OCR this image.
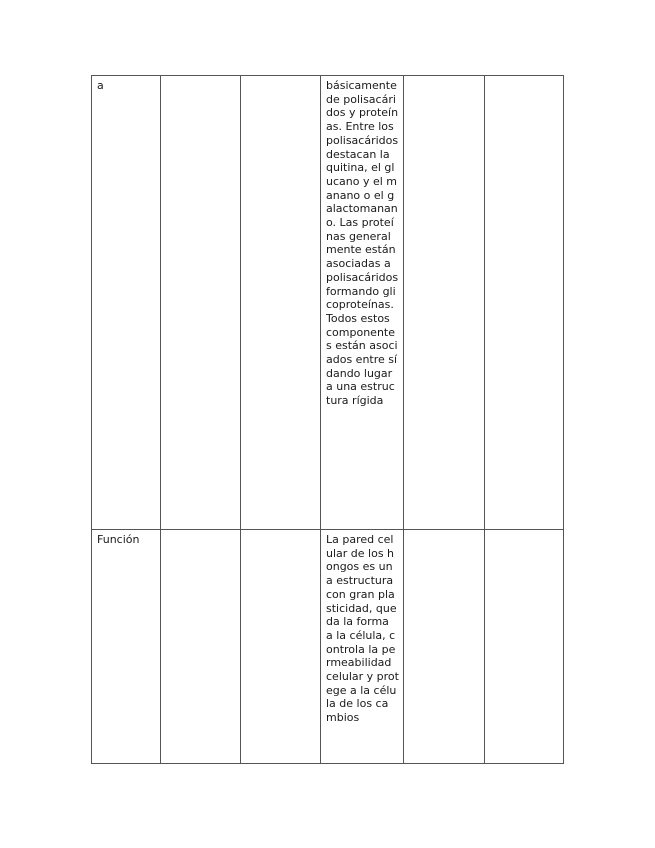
a			básicamente de polisacáridos y proteínas. Entre los polisacáridos destacan la quitina, el glucano y el manano o el galactomanano. Las proteínas generalmente están asociadas a polisacáridos formando glicoproteínas. Todos estos componentes están asociados entre sí dando lugar a una estructura rígida		
Función			La pared celular de los hongos es una estructura con gran plasticidad, que da la forma a la célula, controla la permeabilidad celular y protege a la célula de los cambios		
